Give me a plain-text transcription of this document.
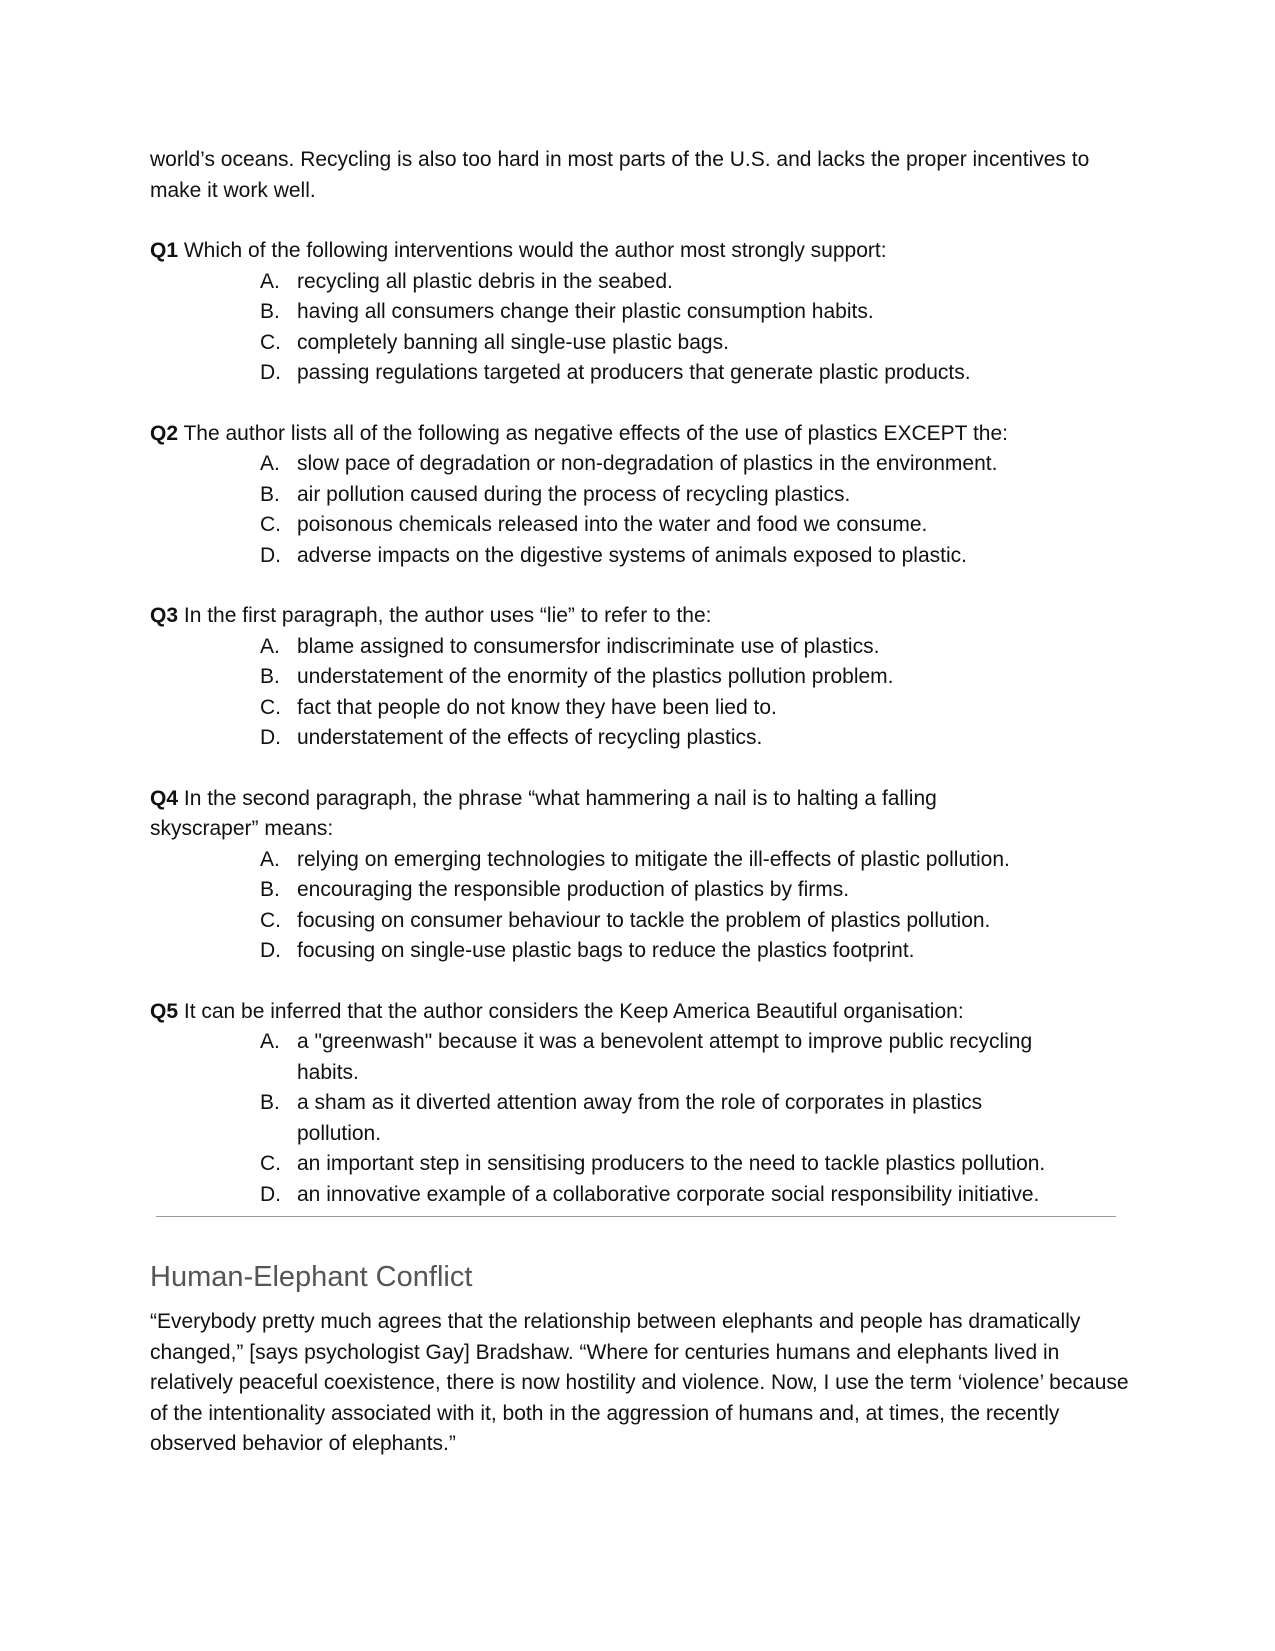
world’s oceans. Recycling is also too hard in most parts of the U.S. and lacks the proper incentives to make it work well.

Q1 Which of the following interventions would the author most strongly support:

A. recycling all plastic debris in the seabed.
B. having all consumers change their plastic consumption habits.
C. completely banning all single-use plastic bags.
D. passing regulations targeted at producers that generate plastic products.

Q2 The author lists all of the following as negative effects of the use of plastics EXCEPT the:

A. slow pace of degradation or non-degradation of plastics in the environment.
B. air pollution caused during the process of recycling plastics.
C. poisonous chemicals released into the water and food we consume.
D. adverse impacts on the digestive systems of animals exposed to plastic.

Q3 In the first paragraph, the author uses “lie” to refer to the:

A. blame assigned to consumersfor indiscriminate use of plastics.
B. understatement of the enormity of the plastics pollution problem.
C. fact that people do not know they have been lied to.
D. understatement of the effects of recycling plastics.

Q4 In the second paragraph, the phrase “what hammering a nail is to halting a falling skyscraper” means:

A. relying on emerging technologies to mitigate the ill-effects of plastic pollution.
B. encouraging the responsible production of plastics by firms.
C. focusing on consumer behaviour to tackle the problem of plastics pollution.
D. focusing on single-use plastic bags to reduce the plastics footprint.

Q5 It can be inferred that the author considers the Keep America Beautiful organisation:

A. a "greenwash" because it was a benevolent attempt to improve public recycling habits.
B. a sham as it diverted attention away from the role of corporates in plastics pollution.
C. an important step in sensitising producers to the need to tackle plastics pollution.
D. an innovative example of a collaborative corporate social responsibility initiative.
Human-Elephant Conflict

“Everybody pretty much agrees that the relationship between elephants and people has dramatically changed,” [says psychologist Gay] Bradshaw. “Where for centuries humans and elephants lived in relatively peaceful coexistence, there is now hostility and violence. Now, I use the term ‘violence’ because of the intentionality associated with it, both in the aggression of humans and, at times, the recently observed behavior of elephants.”
